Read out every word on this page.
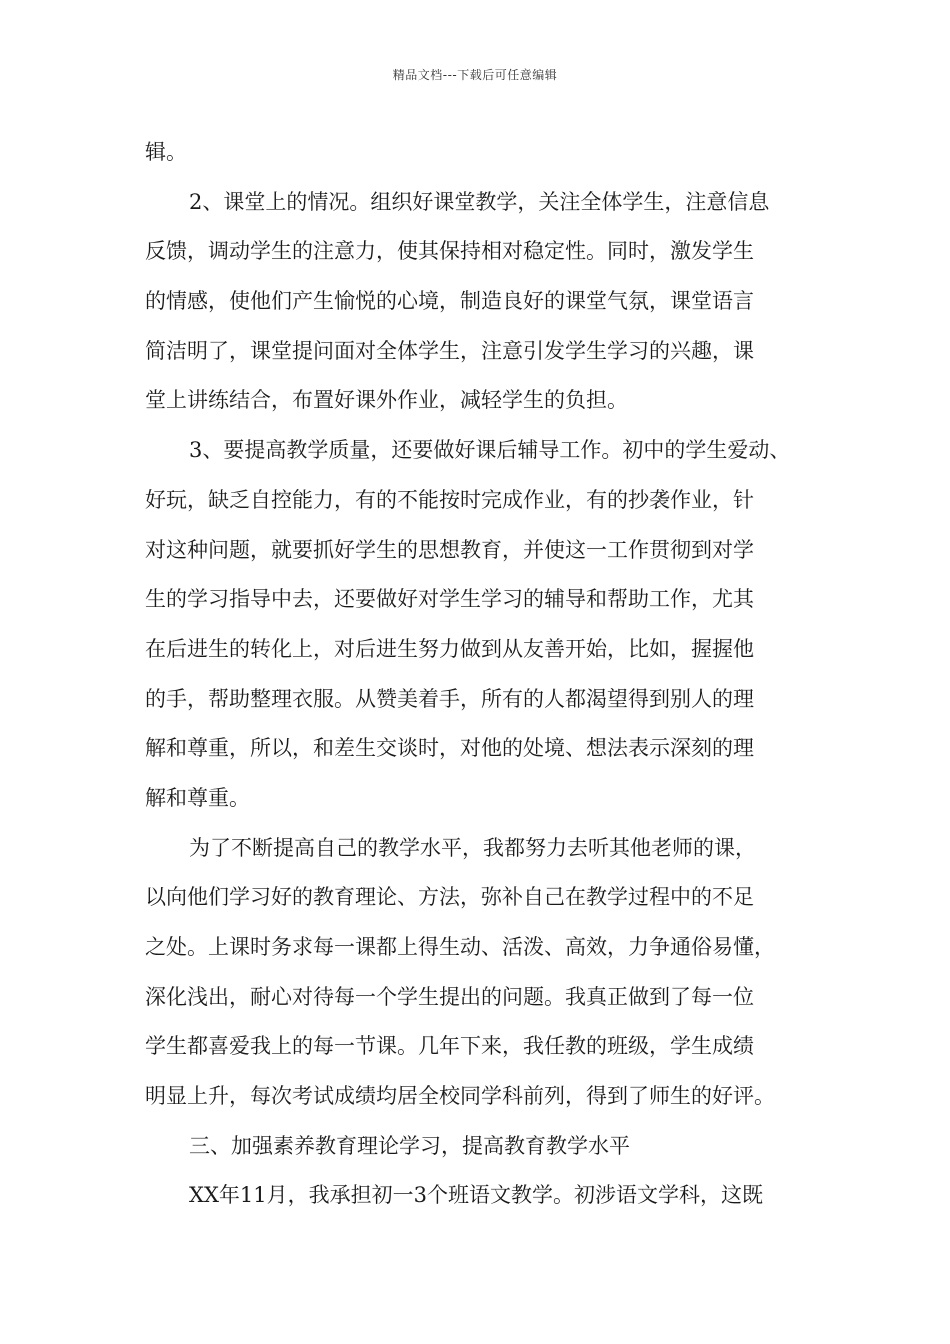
精品文档---下载后可任意编辑
辑。
2、课堂上的情况。组织好课堂教学，关注全体学生，注意信息
反馈，调动学生的注意力，使其保持相对稳定性。同时，激发学生
的情感，使他们产生愉悦的心境，制造良好的课堂气氛，课堂语言
简洁明了，课堂提问面对全体学生，注意引发学生学习的兴趣，课
堂上讲练结合，布置好课外作业，减轻学生的负担。
3、要提高教学质量，还要做好课后辅导工作。初中的学生爱动、
好玩，缺乏自控能力，有的不能按时完成作业，有的抄袭作业，针
对这种问题，就要抓好学生的思想教育，并使这一工作贯彻到对学
生的学习指导中去，还要做好对学生学习的辅导和帮助工作，尤其
在后进生的转化上，对后进生努力做到从友善开始，比如，握握他
的手，帮助整理衣服。从赞美着手，所有的人都渴望得到别人的理
解和尊重，所以，和差生交谈时，对他的处境、想法表示深刻的理
解和尊重。
为了不断提高自己的教学水平，我都努力去听其他老师的课，
以向他们学习好的教育理论、方法，弥补自己在教学过程中的不足
之处。上课时务求每一课都上得生动、活泼、高效，力争通俗易懂，
深化浅出，耐心对待每一个学生提出的问题。我真正做到了每一位
学生都喜爱我上的每一节课。几年下来，我任教的班级，学生成绩
明显上升，每次考试成绩均居全校同学科前列，得到了师生的好评。
三、加强素养教育理论学习，提高教育教学水平
XX年11月，我承担初一3个班语文教学。初涉语文学科，这既
